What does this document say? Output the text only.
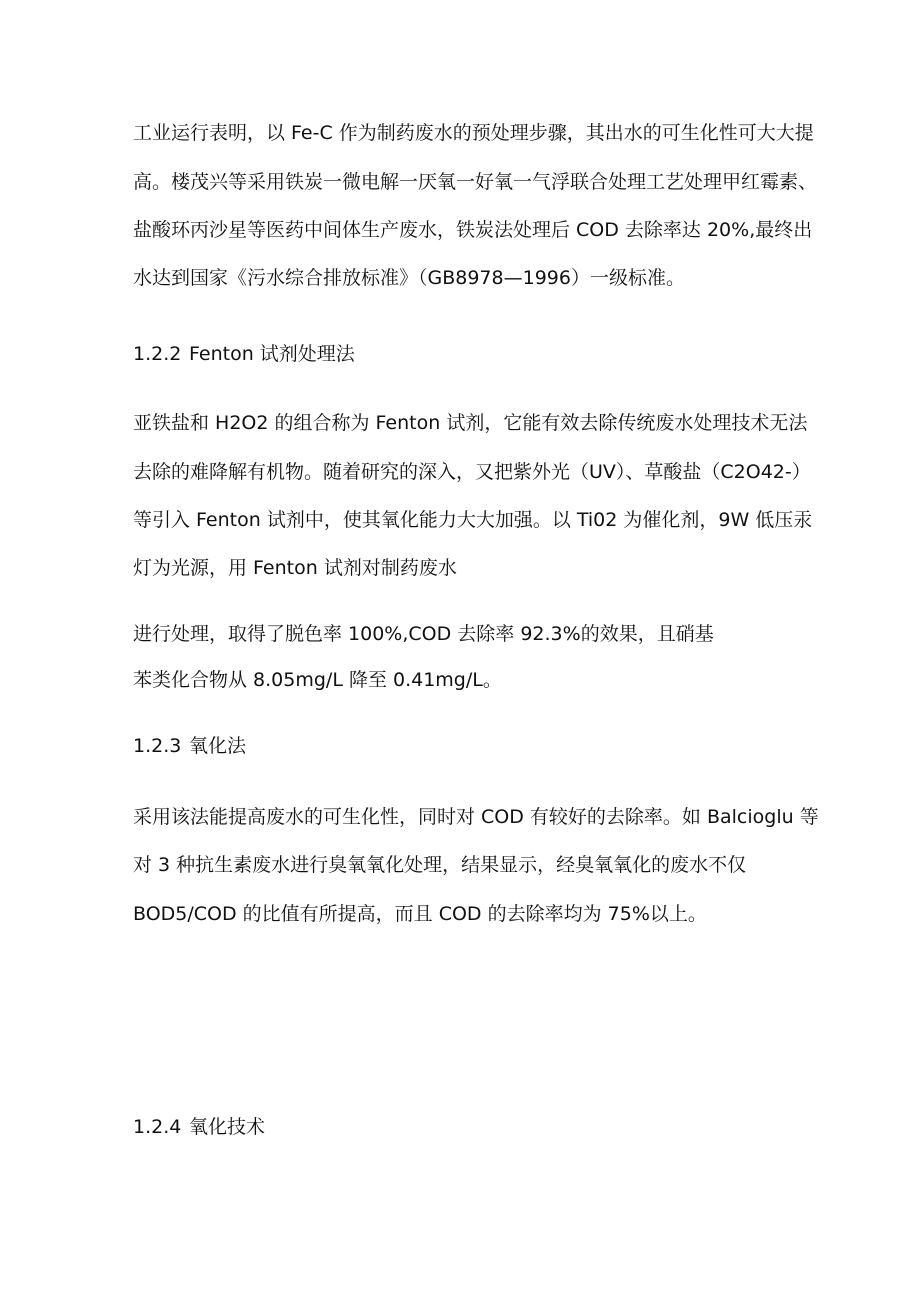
工业运行表明，以 Fe-C 作为制药废水的预处理步骤，其出水的可生化性可大大提
高。楼茂兴等采用铁炭一微电解一厌氧一好氧一气浮联合处理工艺处理甲红霉素、
盐酸环丙沙星等医药中间体生产废水，铁炭法处理后 COD 去除率达 20%,最终出
水达到国家《污水综合排放标准》（GB8978—1996）一级标准。
1.2.2 Fenton 试剂处理法
亚铁盐和 H2O2 的组合称为 Fenton 试剂，它能有效去除传统废水处理技术无法
去除的难降解有机物。随着研究的深入，又把紫外光（UV）、草酸盐（C2O42-）
等引入 Fenton 试剂中，使其氧化能力大大加强。以 Ti02 为催化剂，9W 低压汞
灯为光源，用 Fenton 试剂对制药废水
进行处理，取得了脱色率 100%,COD 去除率 92.3%的效果，且硝基
苯类化合物从 8.05mg/L 降至 0.41mg/L。
1.2.3 氧化法
采用该法能提高废水的可生化性，同时对 COD 有较好的去除率。如 Balcioglu 等
对 3 种抗生素废水进行臭氧氧化处理，结果显示，经臭氧氧化的废水不仅
BOD5/COD 的比值有所提高，而且 COD 的去除率均为 75%以上。
1.2.4 氧化技术
